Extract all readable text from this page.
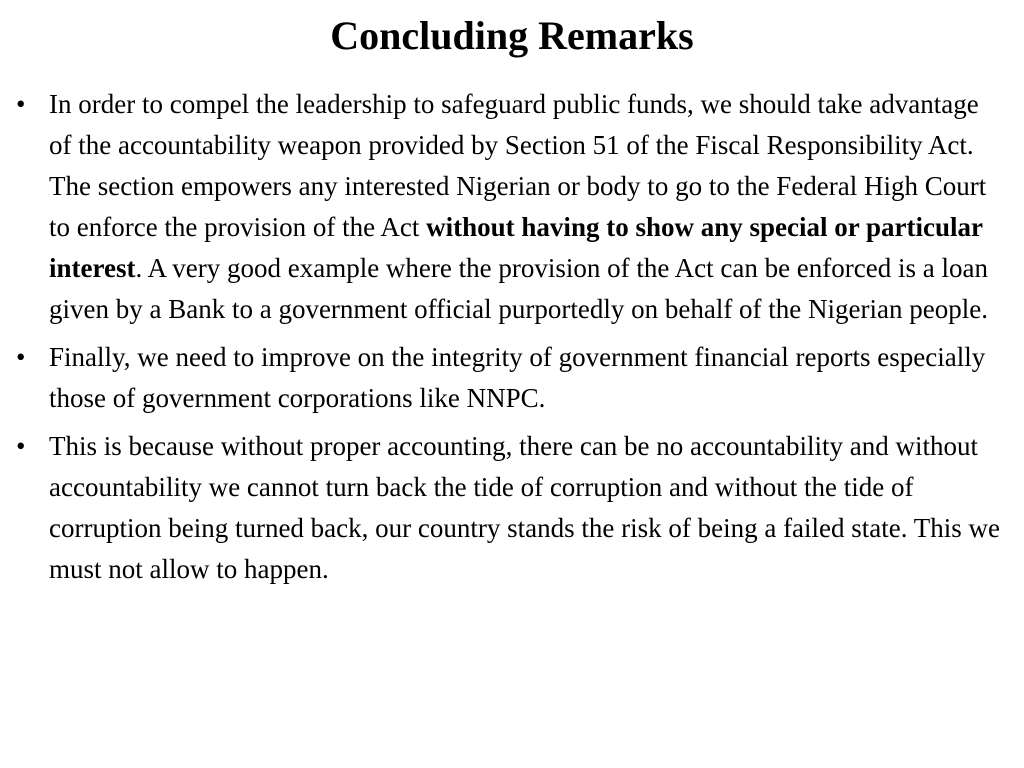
Concluding Remarks
• In order to compel the leadership to safeguard public funds, we should take advantage of the accountability weapon provided by Section 51 of the Fiscal Responsibility Act. The section empowers any interested Nigerian or body to go to the Federal High Court to enforce the provision of the Act without having to show any special or particular interest. A very good example where the provision of the Act can be enforced is a loan given by a Bank to a government official purportedly on behalf of the Nigerian people.
• Finally, we need to improve on the integrity of government financial reports especially  those of government corporations like NNPC.
• This is because without proper accounting, there can be no accountability and without accountability we cannot turn back the tide of corruption and without the tide of corruption being turned back, our country stands the risk of being a failed state. This we must not allow to happen.
